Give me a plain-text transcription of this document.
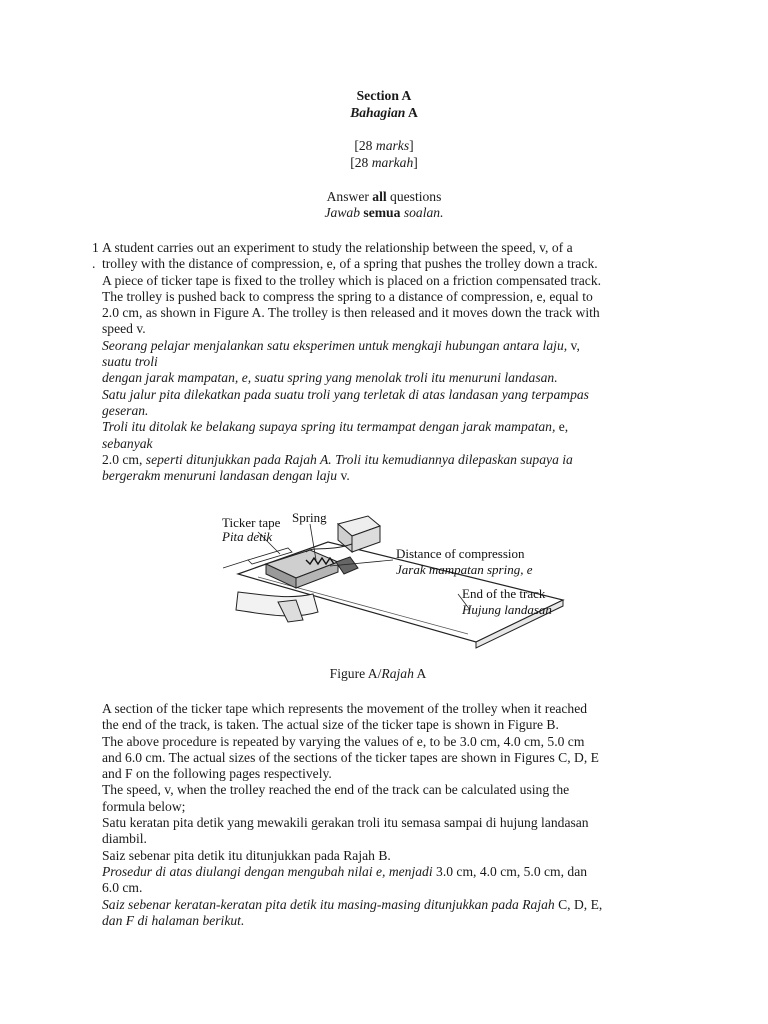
Section A
Bahagian A
[28 marks]
[28 markah]
Answer all questions
Jawab semua soalan.
1
.

A student carries out an experiment to study the relationship between the speed, v, of a

trolley with the distance of compression, e, of a spring that pushes the trolley down a track.

A piece of ticker tape is fixed to the trolley which is placed on a friction compensated track.

The trolley is pushed back to compress the spring to a distance of compression, e, equal to

2.0 cm, as shown in Figure A. The trolley is then released and it moves down the track with

speed v.

Seorang pelajar menjalankan satu eksperimen untuk mengkaji hubungan antara laju, v,

suatu troli

dengan jarak mampatan, e, suatu spring yang menolak troli itu menuruni landasan.

Satu jalur pita dilekatkan pada suatu troli yang terletak di atas landasan yang terpampas

geseran.

Troli itu ditolak ke belakang supaya spring itu termampat dengan jarak mampatan, e,

sebanyak

2.0 cm, seperti ditunjukkan pada Rajah A. Troli itu kemudiannya dilepaskan supaya ia

bergerakm menuruni landasan dengan laju v.

Ticker tape
Pita detik
Spring
Distance of compression
Jarak mampatan spring, e
End of the track
Hujung landasan
Figure A/Rajah A

A section of the ticker tape which represents the movement of the trolley when it reached

the end of the track, is taken. The actual size of the ticker tape is shown in Figure B.

The above procedure is repeated by varying the values of e, to be 3.0 cm, 4.0 cm, 5.0 cm

and 6.0 cm. The actual sizes of the sections of the ticker tapes are shown in Figures C, D, E

and F on the following pages respectively.

The speed, v, when the trolley reached the end of the track can be calculated using the

formula below;

Satu keratan pita detik yang mewakili gerakan troli itu semasa sampai di hujung landasan

diambil.

Saiz sebenar pita detik itu ditunjukkan pada Rajah B.

Prosedur di atas diulangi dengan mengubah nilai e, menjadi 3.0 cm, 4.0 cm, 5.0 cm, dan

6.0 cm.

Saiz sebenar keratan-keratan pita detik itu masing-masing ditunjukkan pada Rajah C, D, E,

dan F di halaman berikut.
